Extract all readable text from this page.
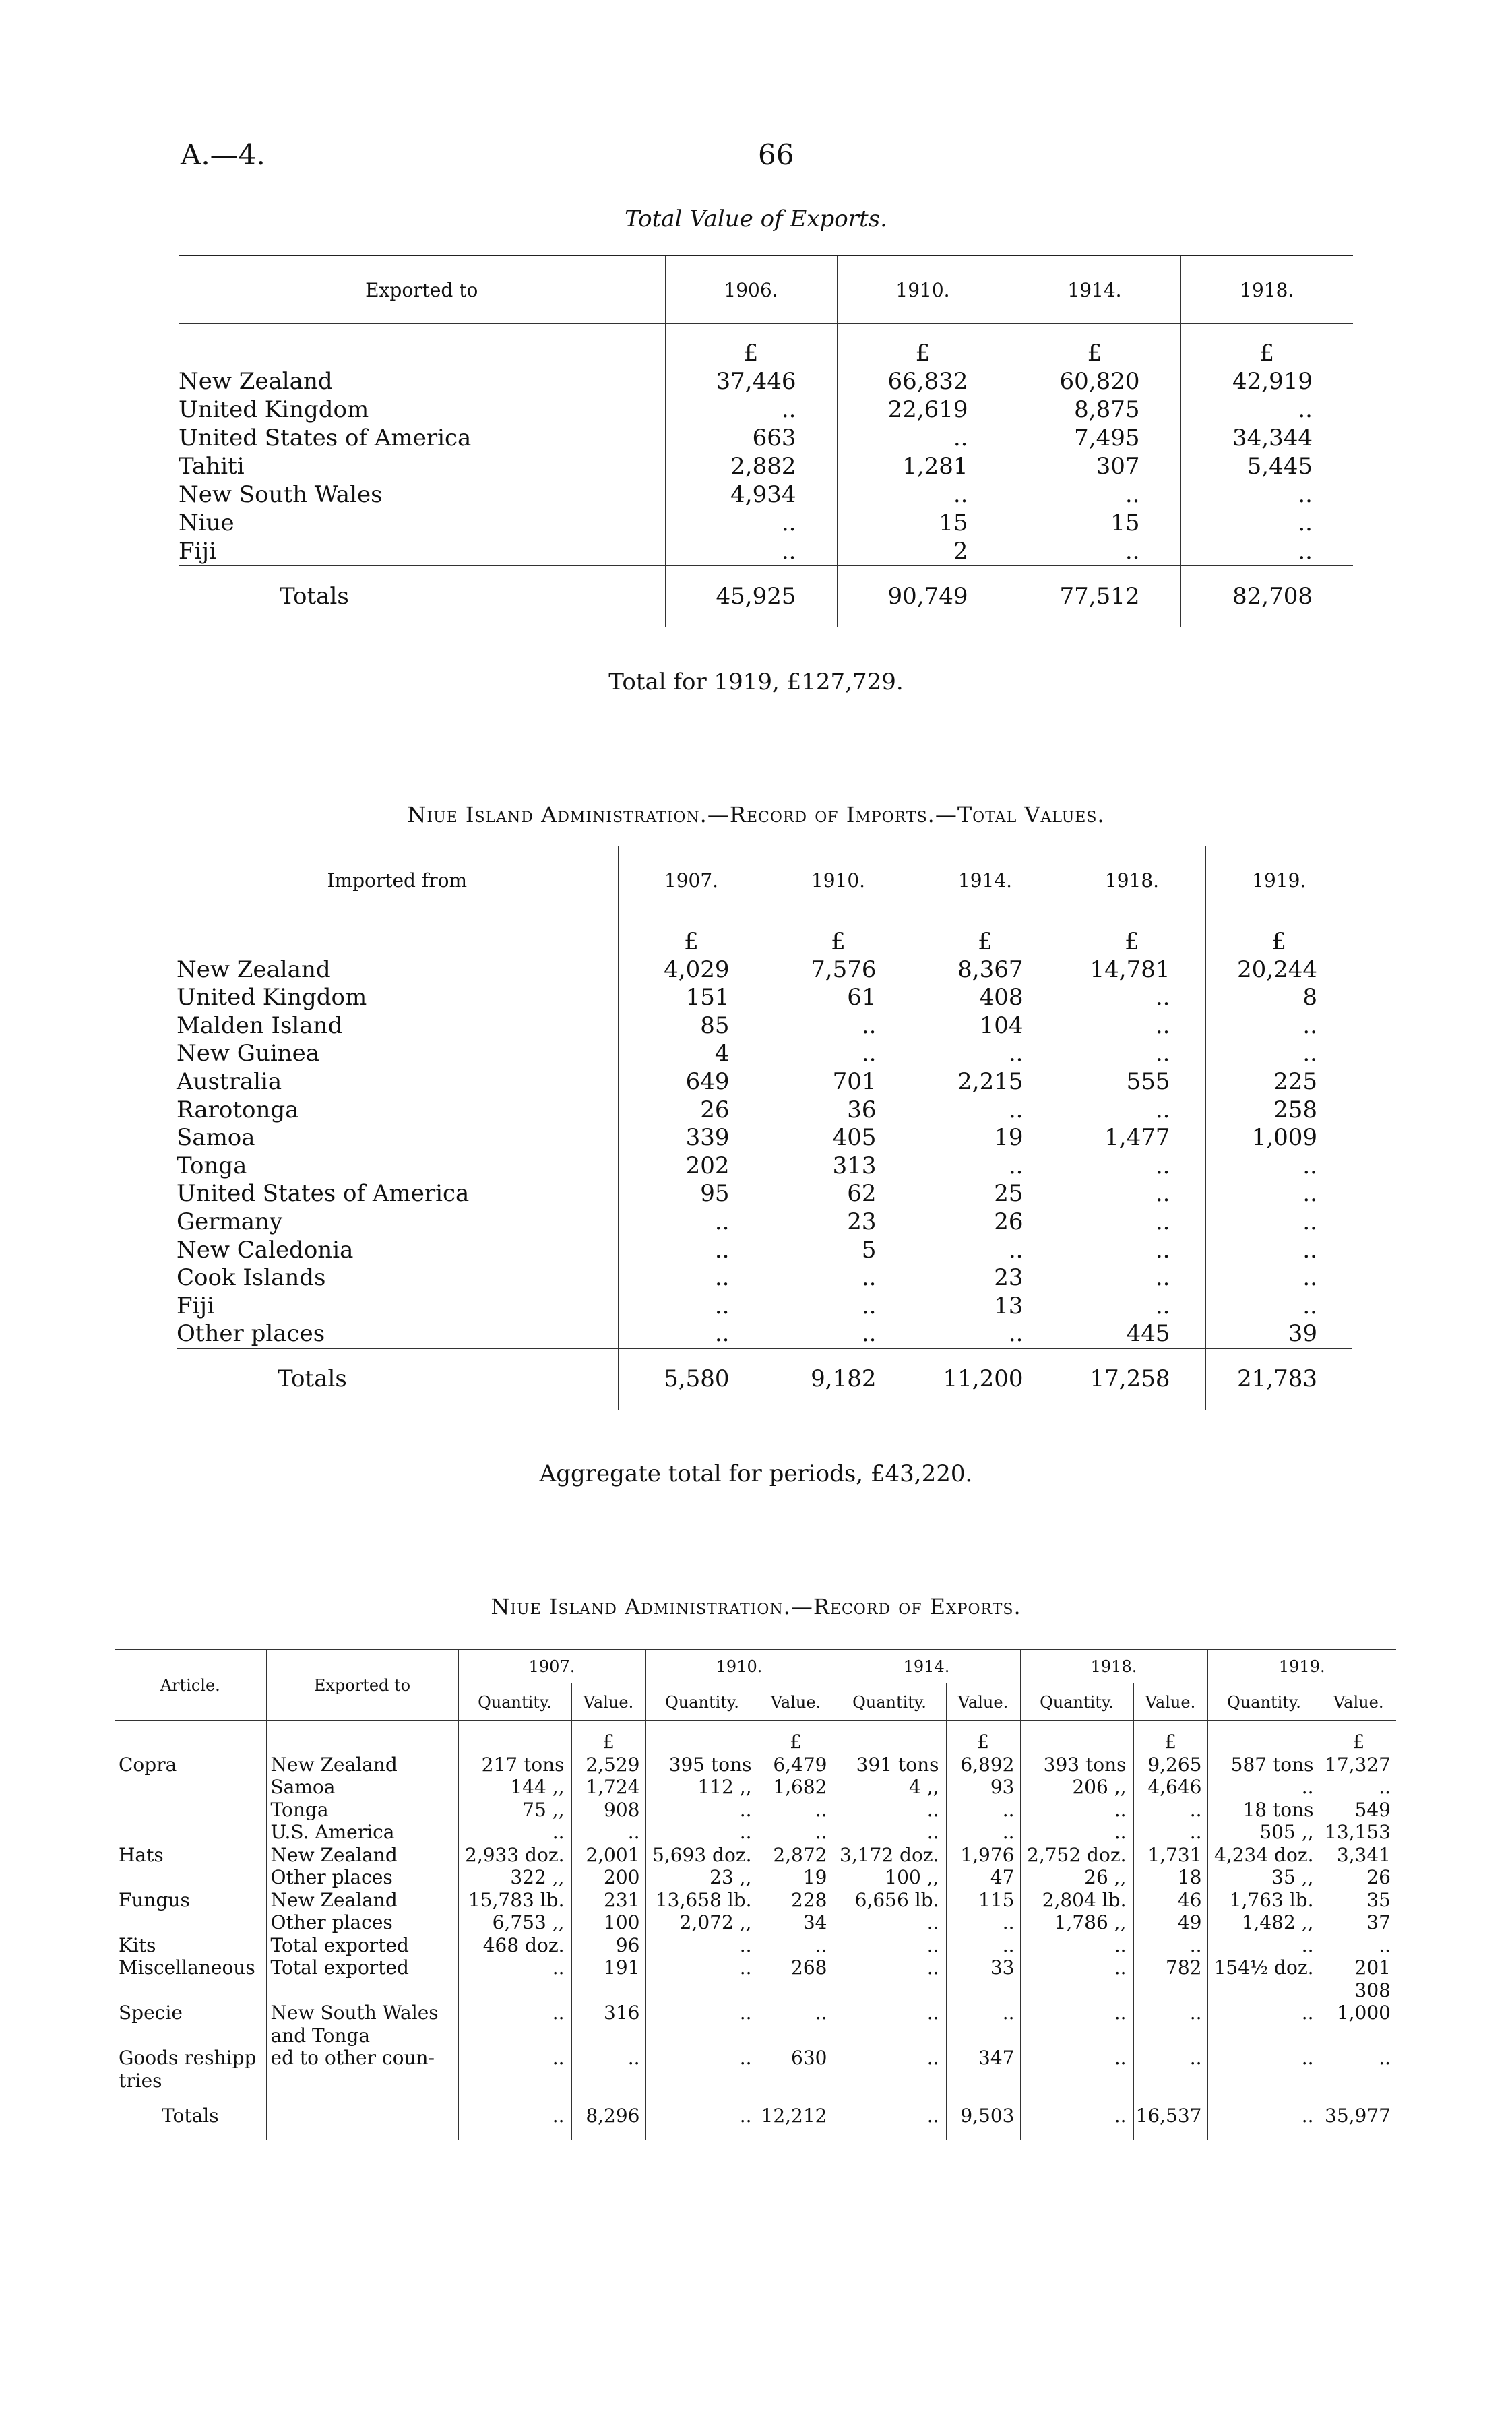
A.—4.	66
Total Value of Exports.
Exported to	1906.	1910.	1914.	1918.
	£	£	£	£
New Zealand	37,446	66,832	60,820	42,919
United Kingdom	..	22,619	8,875	..
United States of America	663	..	7,495	34,344
Tahiti	2,882	1,281	307	5,445
New South Wales	4,934	..	..	..
Niue	..	15	15	..
Fiji	..	2	..	..
Totals	45,925	90,749	77,512	82,708
Total for 1919, £127,729.
Niue Island Administration.—Record of Imports.—Total Values.
Imported from	1907.	1910.	1914.	1918.	1919.
	£	£	£	£	£
New Zealand	4,029	7,576	8,367	14,781	20,244
United Kingdom	151	61	408	..	8
Malden Island	85	..	104	..	..
New Guinea	4	..	..	..	..
Australia	649	701	2,215	555	225
Rarotonga	26	36	..	..	258
Samoa	339	405	19	1,477	1,009
Tonga	202	313	..	..	..
United States of America	95	62	25	..	..
Germany	..	23	26	..	..
New Caledonia	..	5	..	..	..
Cook Islands	..	..	23	..	..
Fiji	..	..	13	..	..
Other places	..	..	..	445	39
Totals	5,580	9,182	11,200	17,258	21,783
Aggregate total for periods, £43,220.
Niue Island Administration.—Record of Exports.
Article.	Exported to	1907.		1910.		1914.		1918.		1919.	
		Quantity.	Value.	Quantity.	Value.	Quantity.	Value.	Quantity.	Value.	Quantity.	Value.
			£		£		£		£		£
Copra	New Zealand	217 tons	2,529	395 tons	6,479	391 tons	6,892	393 tons	9,265	587 tons	17,327
	Samoa	144 ,,	1,724	112 ,,	1,682	4 ,,	93	206 ,,	4,646	..	..
	Tonga	75 ,,	908	..	..	..	..	..	..	18 tons	549
	U.S. America	..	..	..	..	..	..	..	..	505 ,,	13,153
Hats	New Zealand	2,933 doz.	2,001	5,693 doz.	2,872	3,172 doz.	1,976	2,752 doz.	1,731	4,234 doz.	3,341
	Other places	322 ,,	200	23 ,,	19	100 ,,	47	26 ,,	18	35 ,,	26
Fungus	New Zealand	15,783 lb.	231	13,658 lb.	228	6,656 lb.	115	2,804 lb.	46	1,763 lb.	35
	Other places	6,753 ,,	100	2,072 ,,	34	..	..	1,786 ,,	49	1,482 ,,	37
Kits	Total exported	468 doz.	96	..	..	..	..	..	..	..	..
Miscellaneous	Total exported	..	191	..	268	..	33	..	782	154½ doz.	201
											308
Specie	New South Wales	..	316	..	..	..	..	..	..	..	1,000
	and Tonga										
Goods reshipp	ed to other coun-	..	..	..	630	..	347	..	..	..	..
tries											
Totals		..	8,296	..	12,212	..	9,503	..	16,537	..	35,977
